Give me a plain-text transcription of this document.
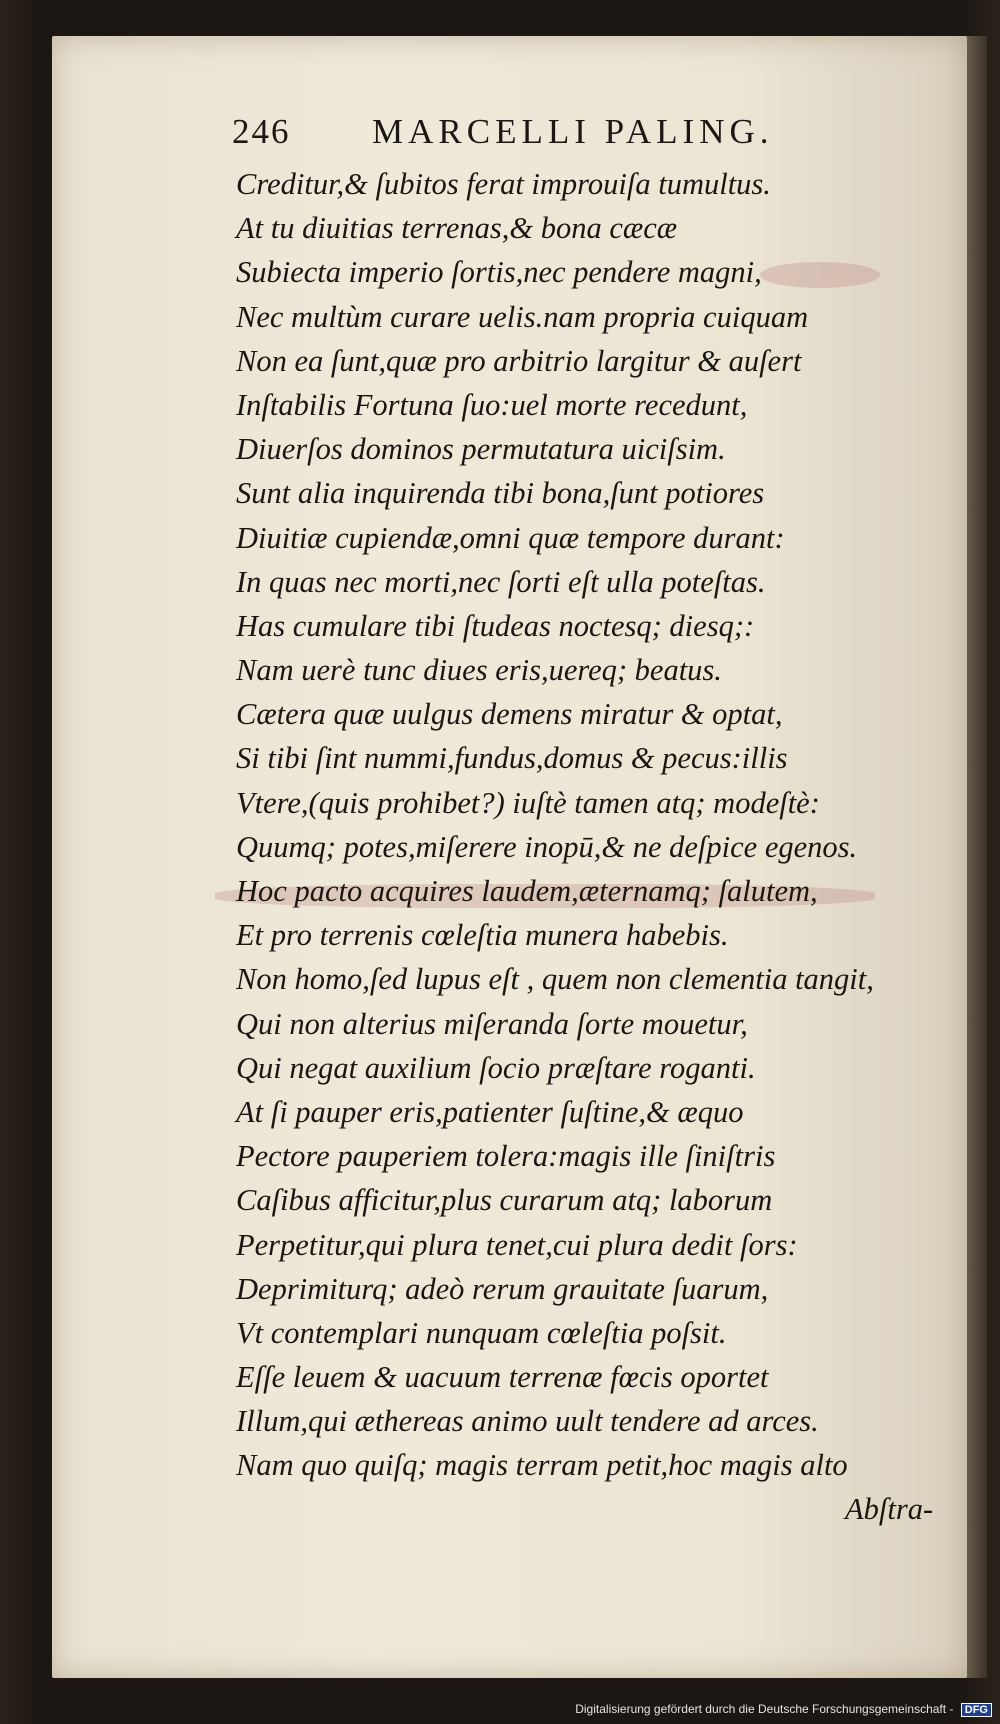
246 MARCELLI PALING.
Creditur,& ſubitos ferat improuiſa tumultus.
At tu diuitias terrenas,& bona cæcæ
Subiecta imperio ſortis,nec pendere magni,
Nec multùm curare uelis.nam propria cuiquam
Non ea ſunt,quæ pro arbitrio largitur & auſert
Inſtabilis Fortuna ſuo:uel morte recedunt,
Diuerſos dominos permutatura uiciſsim.
Sunt alia inquirenda tibi bona,ſunt potiores
Diuitiæ cupiendæ,omni quæ tempore durant:
In quas nec morti,nec ſorti eſt ulla poteſtas.
Has cumulare tibi ſtudeas noctesq; diesq;:
Nam uerè tunc diues eris,uereq; beatus.
Cætera quæ uulgus demens miratur & optat,
Si tibi ſint nummi,fundus,domus & pecus:illis
Vtere,(quis prohibet?) iuſtè tamen atq; modeſtè:
Quumq; potes,miſerere inopū,& ne deſpice egenos.
Hoc pacto acquires laudem,æternamq; ſalutem,
Et pro terrenis cœleſtia munera habebis.
Non homo,ſed lupus eſt , quem non clementia tangit,
Qui non alterius miſeranda ſorte mouetur,
Qui negat auxilium ſocio præſtare roganti.
At ſi pauper eris,patienter ſuſtine,& æquo
Pectore pauperiem tolera:magis ille ſiniſtris
Caſibus afficitur,plus curarum atq; laborum
Perpetitur,qui plura tenet,cui plura dedit ſors:
Deprimiturq; adeò rerum grauitate ſuarum,
Vt contemplari nunquam cœleſtia poſsit.
Eſſe leuem & uacuum terrenæ fœcis oportet
Illum,qui æthereas animo uult tendere ad arces.
Nam quo quiſq; magis terram petit,hoc magis alto
Abſtra-
Digitalisierung gefördert durch die Deutsche Forschungsgemeinschaft - DFG
